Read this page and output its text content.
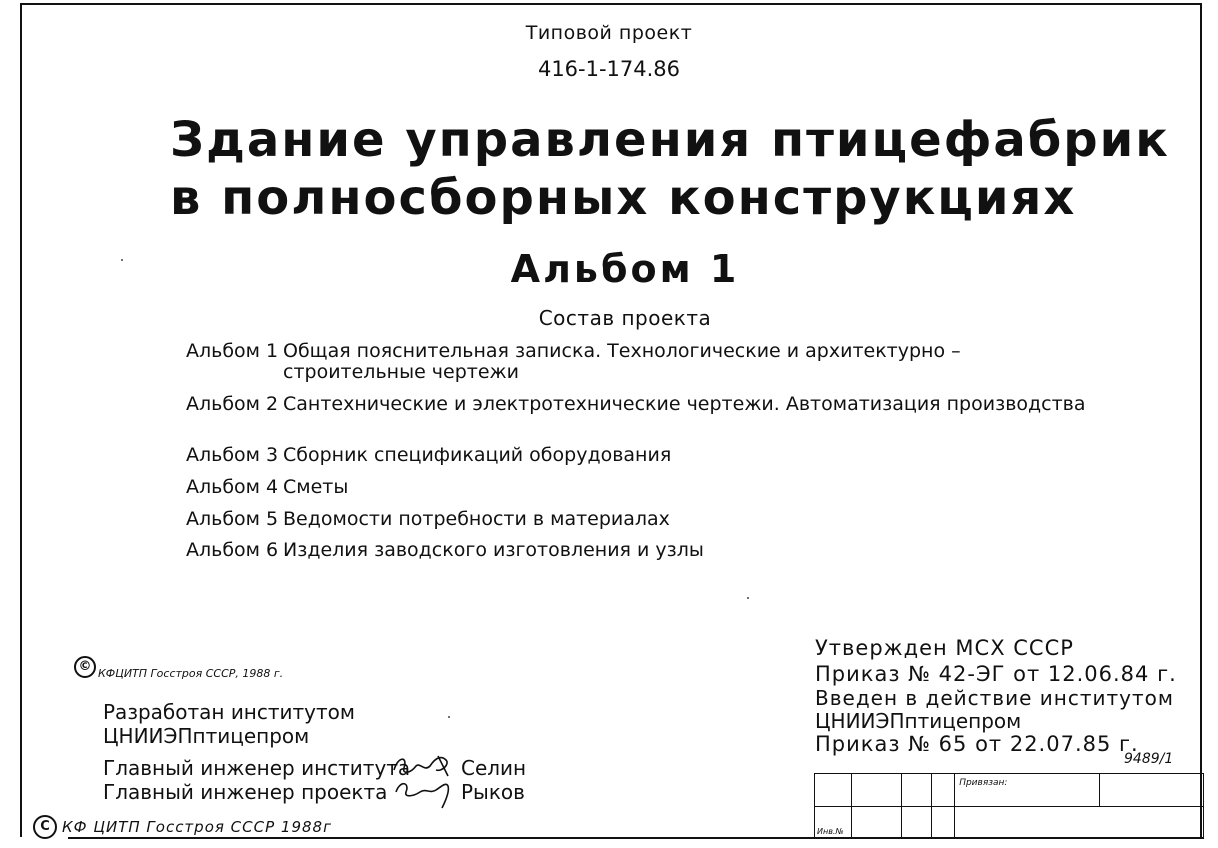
Типовой проект
416-1-174.86
Здание управления птицефабрик
в полносборных конструкциях
Альбом 1
Состав проекта
Альбом 1 Общая пояснительная записка. Технологические и архитектурно –
строительные чертежи
Альбом 2 Сантехнические и электротехнические чертежи. Автоматизация производства
Альбом 3 Сборник спецификаций оборудования
Альбом 4 Сметы
Альбом 5 Ведомости потребности в материалах
Альбом 6 Изделия заводского изготовления и узлы
© КФЦИТП Госстроя СССР, 1988 г.
Разработан институтом
ЦНИИЭПптицепром
Главный инженер института	Селин
Главный инженер проекта	Рыков
Утвержден МСХ СССР
Приказ № 42-ЭГ от 12.06.84 г.
Введен в действие институтом
ЦНИИЭПптицепром
Приказ № 65 от 22.07.85 г.
9489/1

				Привязан:	

Инв.№					

C КФ ЦИТП Госстроя СССР 1988г
